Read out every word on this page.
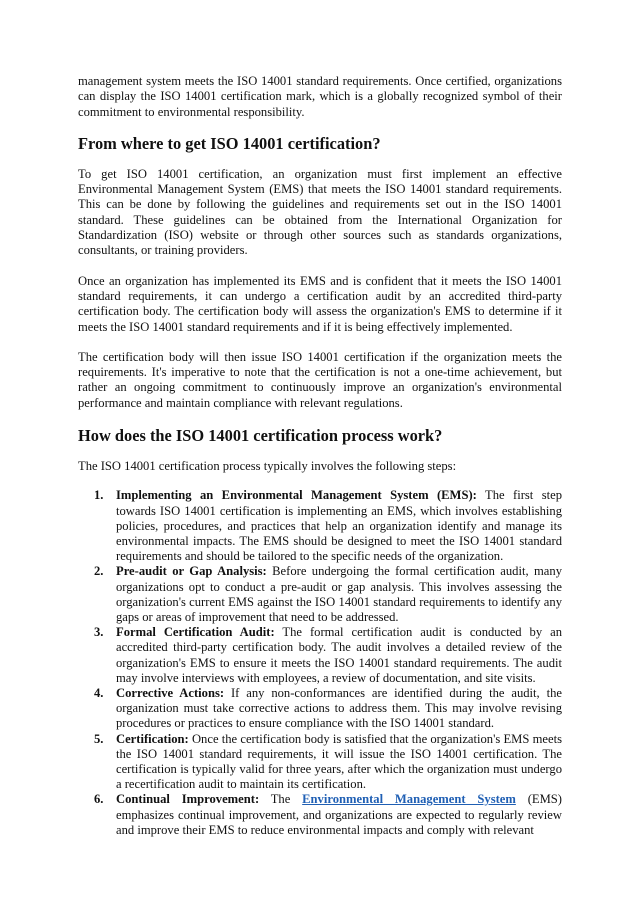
management system meets the ISO 14001 standard requirements. Once certified, organizations can display the ISO 14001 certification mark, which is a globally recognized symbol of their commitment to environmental responsibility.

From where to get ISO 14001 certification?

To get ISO 14001 certification, an organization must first implement an effective Environmental Management System (EMS) that meets the ISO 14001 standard requirements. This can be done by following the guidelines and requirements set out in the ISO 14001 standard. These guidelines can be obtained from the International Organization for Standardization (ISO) website or through other sources such as standards organizations, consultants, or training providers.

Once an organization has implemented its EMS and is confident that it meets the ISO 14001 standard requirements, it can undergo a certification audit by an accredited third-party certification body. The certification body will assess the organization's EMS to determine if it meets the ISO 14001 standard requirements and if it is being effectively implemented.

The certification body will then issue ISO 14001 certification if the organization meets the requirements. It's imperative to note that the certification is not a one-time achievement, but rather an ongoing commitment to continuously improve an organization's environmental performance and maintain compliance with relevant regulations.

How does the ISO 14001 certification process work?

The ISO 14001 certification process typically involves the following steps:

1. Implementing an Environmental Management System (EMS): The first step towards ISO 14001 certification is implementing an EMS, which involves establishing policies, procedures, and practices that help an organization identify and manage its environmental impacts. The EMS should be designed to meet the ISO 14001 standard requirements and should be tailored to the specific needs of the organization.
2. Pre-audit or Gap Analysis: Before undergoing the formal certification audit, many organizations opt to conduct a pre-audit or gap analysis. This involves assessing the organization's current EMS against the ISO 14001 standard requirements to identify any gaps or areas of improvement that need to be addressed.
3. Formal Certification Audit: The formal certification audit is conducted by an accredited third-party certification body. The audit involves a detailed review of the organization's EMS to ensure it meets the ISO 14001 standard requirements. The audit may involve interviews with employees, a review of documentation, and site visits.
4. Corrective Actions: If any non-conformances are identified during the audit, the organization must take corrective actions to address them. This may involve revising procedures or practices to ensure compliance with the ISO 14001 standard.
5. Certification: Once the certification body is satisfied that the organization's EMS meets the ISO 14001 standard requirements, it will issue the ISO 14001 certification. The certification is typically valid for three years, after which the organization must undergo a recertification audit to maintain its certification.
6. Continual Improvement: The Environmental Management System (EMS) emphasizes continual improvement, and organizations are expected to regularly review and improve their EMS to reduce environmental impacts and comply with relevant
